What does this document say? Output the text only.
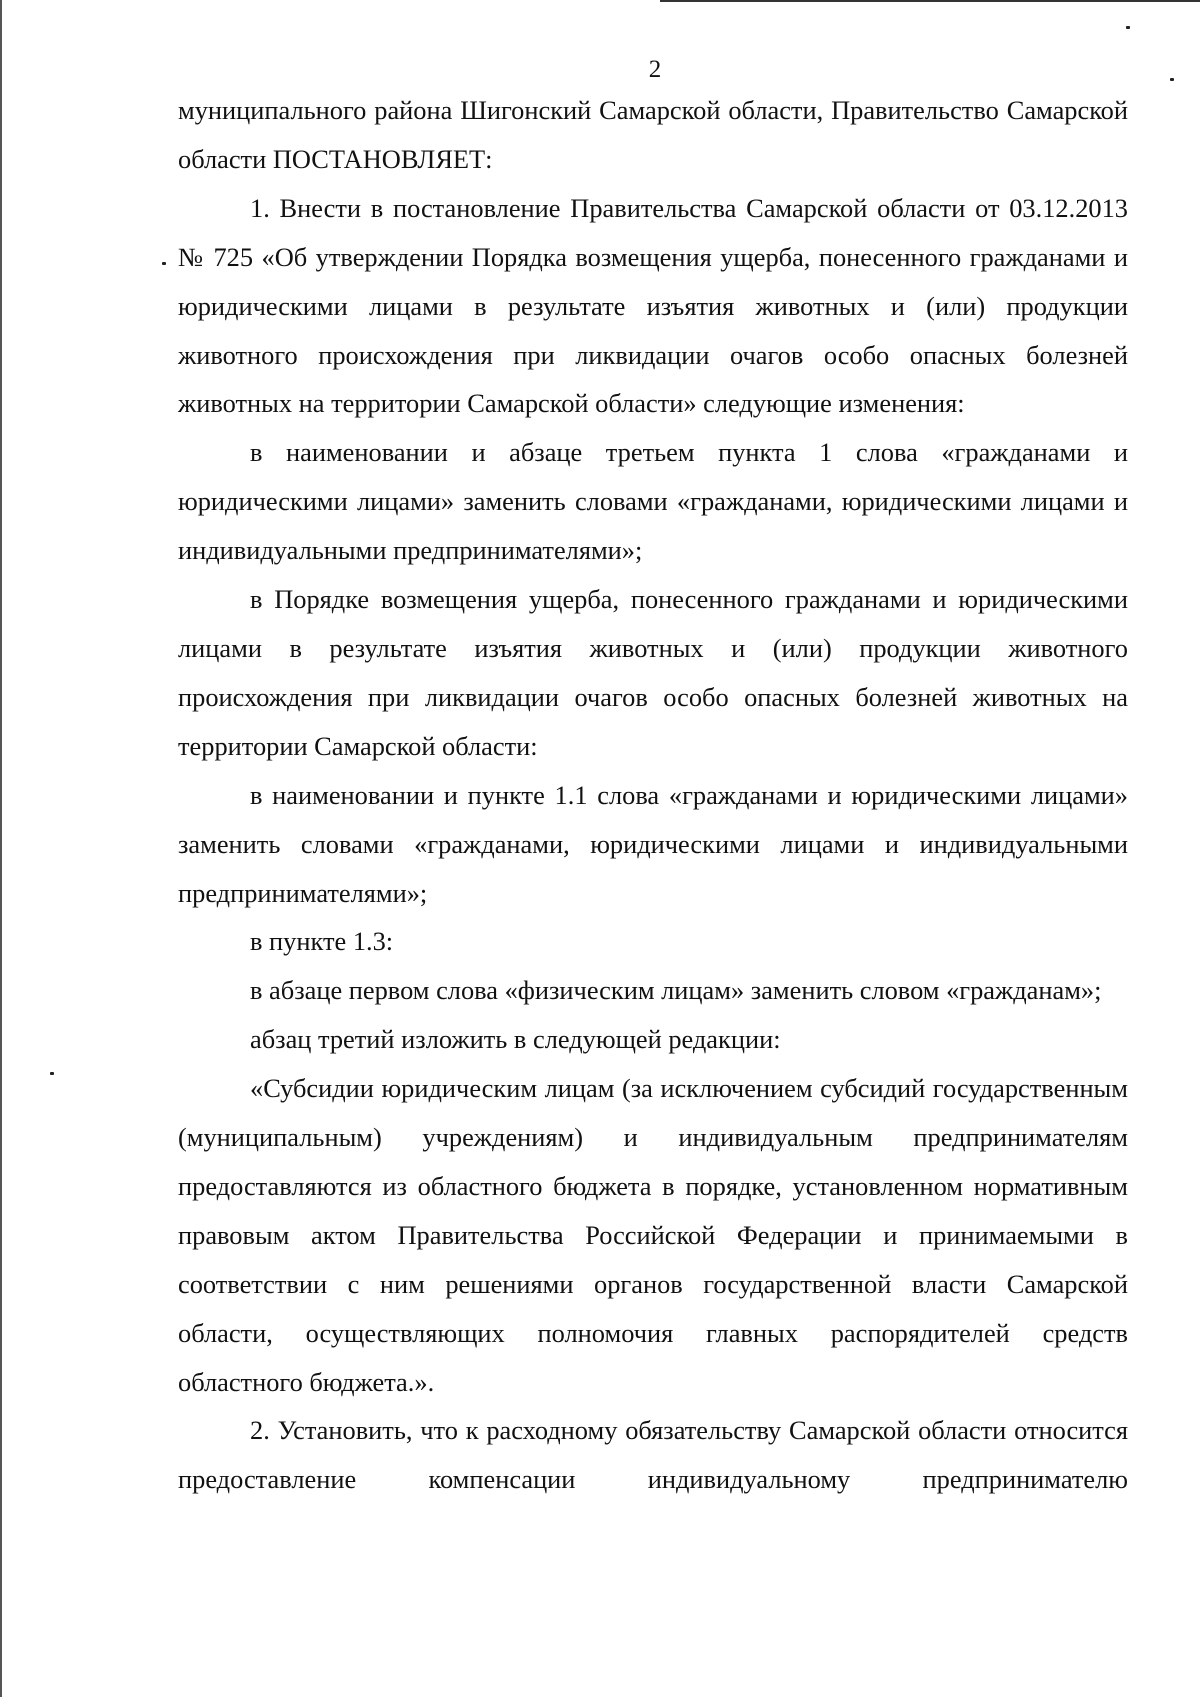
2

муниципального района Шигонский Самарской области, Правительство Самарской области ПОСТАНОВЛЯЕТ:

1. Внести в постановление Правительства Самарской области от 03.12.2013 № 725 «Об утверждении Порядка возмещения ущерба, понесенного гражданами и юридическими лицами в результате изъятия животных и (или) продукции животного происхождения при ликвидации очагов особо опасных болезней животных на территории Самарской области» следующие изменения:

в наименовании и абзаце третьем пункта 1 слова «гражданами и юридическими лицами» заменить словами «гражданами, юридическими лицами и индивидуальными предпринимателями»;

в Порядке возмещения ущерба, понесенного гражданами и юридическими лицами в результате изъятия животных и (или) продукции животного происхождения при ликвидации очагов особо опасных болезней животных на территории Самарской области:

в наименовании и пункте 1.1 слова «гражданами и юридическими лицами» заменить словами «гражданами, юридическими лицами и индивидуальными предпринимателями»;

в пункте 1.3:

в абзаце первом слова «физическим лицам» заменить словом «гражданам»;

абзац третий изложить в следующей редакции:

«Субсидии юридическим лицам (за исключением субсидий государственным (муниципальным) учреждениям) и индивидуальным предпринимателям предоставляются из областного бюджета в порядке, установленном нормативным правовым актом Правительства Российской Федерации и принимаемыми в соответствии с ним решениями органов государственной власти Самарской области, осуществляющих полномочия главных распорядителей средств областного бюджета.».

2. Установить, что к расходному обязательству Самарской области относится предоставление компенсации индивидуальному предпринимателю
